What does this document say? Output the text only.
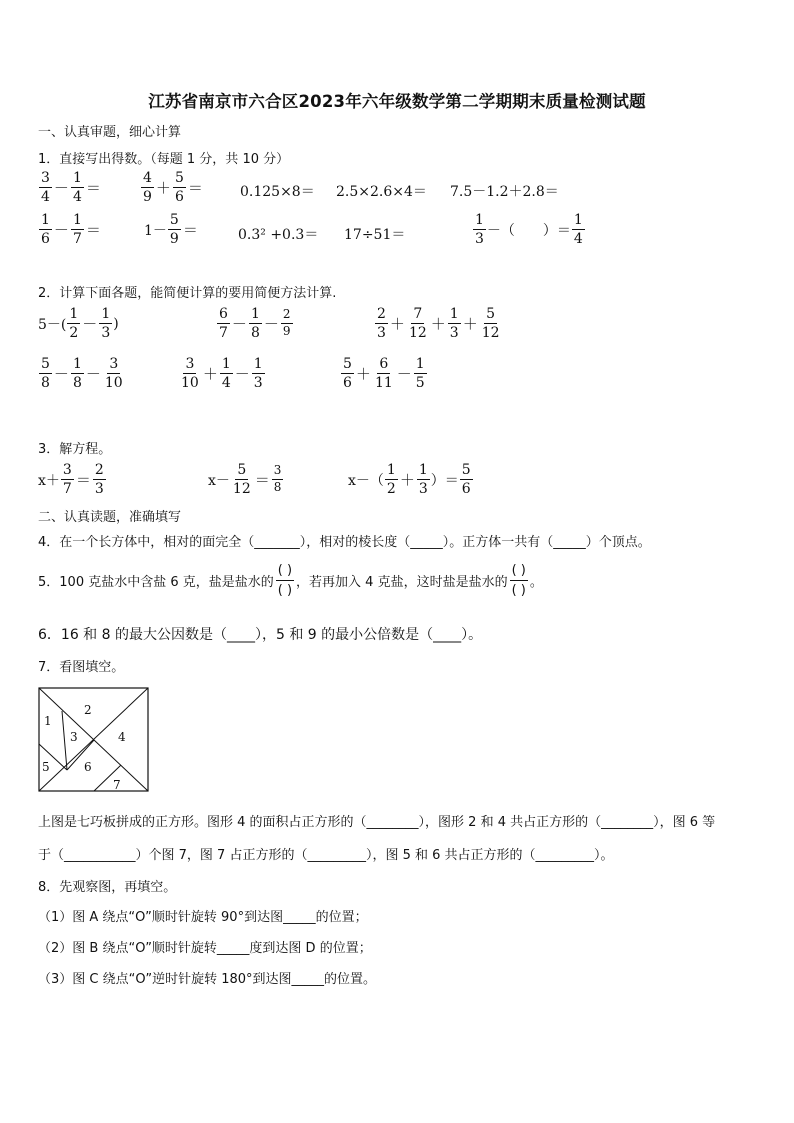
江苏省南京市六合区2023年六年级数学第二学期期末质量检测试题
一、认真审题，细心计算
1．直接写出得数。（每题 1 分，共 10 分）
$\frac{3}{4} - \frac{1}{4}$ ＝	$\frac{4}{9} + \frac{5}{6}$ ＝	0.125×8＝ 2.5×2.6×4＝ 7.5－1.2＋2.8＝
$\frac{1}{6} - \frac{1}{7}$ ＝	$1- \frac{5}{9}$ ＝	0.3² +0.3＝ 17÷51＝	$\frac{1}{3}$ －（　　）＝ $\frac{1}{4}$
2．计算下面各题，能简便计算的要用简便方法计算.
$5-( \frac{1}{2} - \frac{1}{3}$ )	$\frac{6}{7} - \frac{1}{8} - \frac{2}{9}$	$\frac{2}{3} + \frac{7}{12} + \frac{1}{3} + \frac{5}{12}$
$\frac{5}{8} - \frac{1}{8} - \frac{3}{10}$	$\frac{3}{10} + \frac{1}{4} - \frac{1}{3}$	$\frac{5}{6} + \frac{6}{11} - \frac{1}{5}$
3．解方程。
$x+ \frac{3}{7} = \frac{2}{3}$	$x- \frac{5}{12} = \frac{3}{8}$	$x-( \frac{1}{2} + \frac{1}{3}$ ）＝ $\frac{5}{6}$
二、认真读题，准确填写
4．在一个长方体中，相对的面完全（_______），相对的棱长度（_____）。正方体一共有（_____）个顶点。
5．100 克盐水中含盐 6 克，盐是盐水的
( )
( )
，若再加入 4 克盐，这时盐是盐水的
( )
( )
。
6．16 和 8 的最大公因数是（____），5 和 9 的最小公倍数是（____）。
7．看图填空。
1
2
3	4
5	6
7
上图是七巧板拼成的正方形。图形 4 的面积占正方形的（________），图形 2 和 4 共占正方形的（________），图 6 等
于（___________）个图 7，图 7 占正方形的（_________），图 5 和 6 共占正方形的（_________）。
8．先观察图，再填空。
（1）图 A 绕点“O”顺时针旋转 90°到达图_____的位置；
（2）图 B 绕点“O”顺时针旋转_____度到达图 D 的位置；
（3）图 C 绕点“O”逆时针旋转 180°到达图_____的位置。
